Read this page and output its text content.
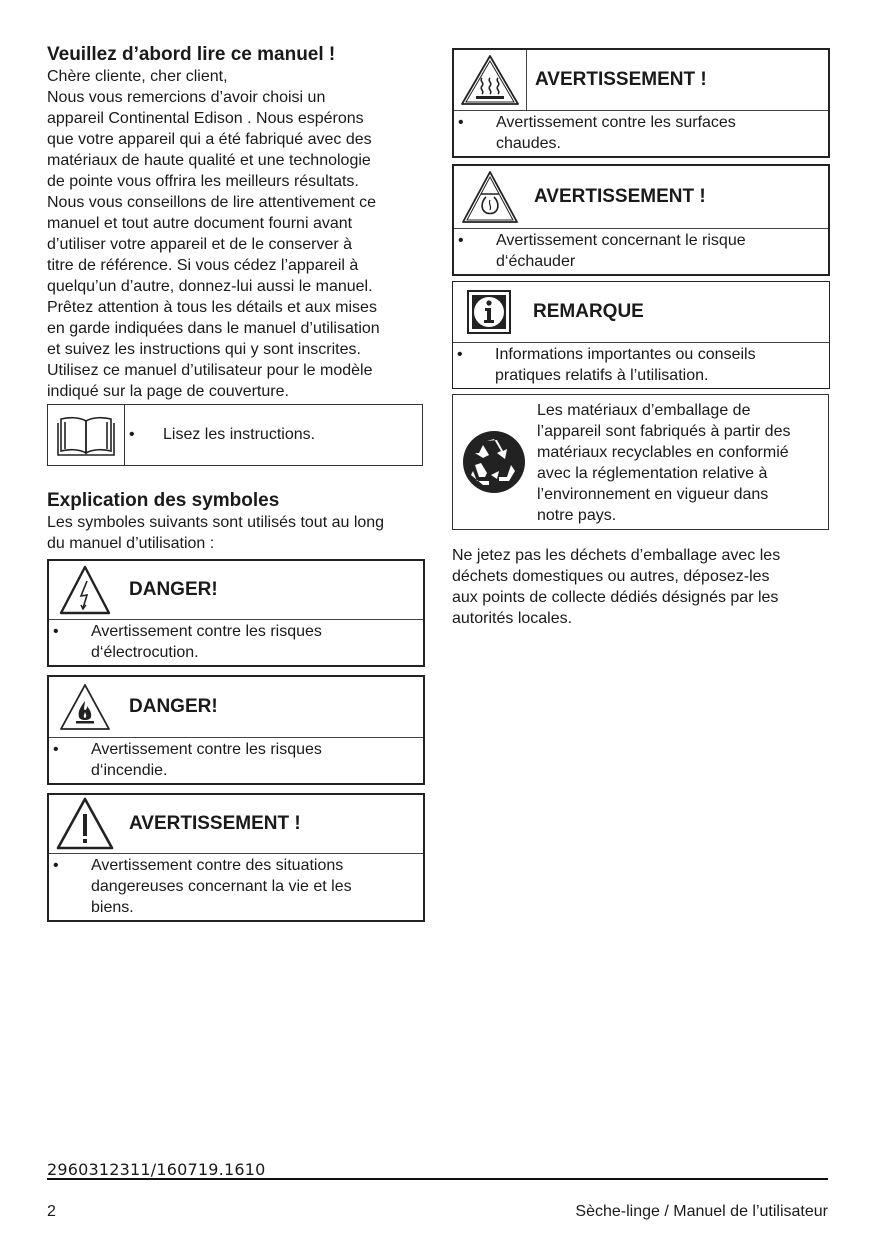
Veuillez d’abord lire ce manuel !

Chère cliente, cher client,

Nous vous remercions d’avoir choisi un

appareil Continental Edison . Nous espérons

que votre appareil qui a été fabriqué avec des

matériaux de haute qualité et une technologie

de pointe vous offrira les meilleurs résultats.

Nous vous conseillons de lire attentivement ce

manuel et tout autre document fourni avant

d’utiliser votre appareil et de le conserver à

titre de référence. Si vous cédez l’appareil à

quelqu’un d’autre, donnez-lui aussi le manuel.

Prêtez attention à tous les détails et aux mises

en garde indiquées dans le manuel d’utilisation

et suivez les instructions qui y sont inscrites.

Utilisez ce manuel d’utilisateur pour le modèle

indiqué sur la page de couverture.

•	Lisez les instructions.

Explication des symboles

Les symboles suivants sont utilisés tout au long

du manuel d’utilisation :

DANGER!
•	Avertissement contre les risques
d‘électrocution.
DANGER!
•	Avertissement contre les risques
d‘incendie.
AVERTISSEMENT !
•	Avertissement contre des situations
dangereuses concernant la vie et les
biens.
AVERTISSEMENT !
•	Avertissement contre les surfaces
chaudes.
AVERTISSEMENT !
•	Avertissement concernant le risque
d‘échauder
REMARQUE
•	Informations importantes ou conseils
pratiques relatifs à l’utilisation.
Les matériaux d’emballage de
l’appareil sont fabriqués à partir des
matériaux recyclables en conformié
avec la réglementation relative à
l’environnement en vigueur dans
notre pays.

Ne jetez pas les déchets d’emballage avec les

déchets domestiques ou autres, déposez-les

aux points de collecte dédiés désignés par les

autorités locales.

2960312311/160719.1610
2	Sèche-linge / Manuel de l’utilisateur
